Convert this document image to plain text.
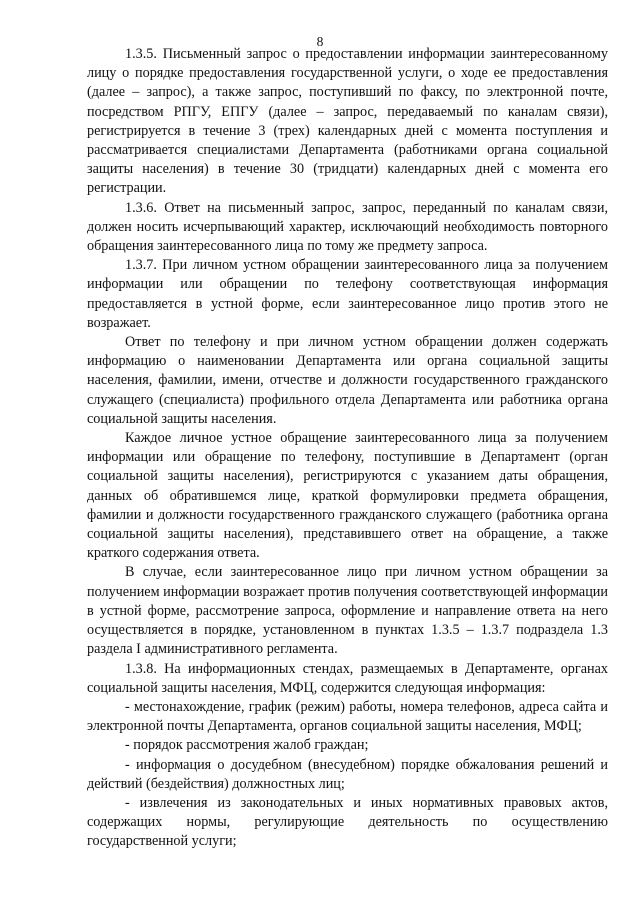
8

1.3.5. Письменный запрос о предоставлении информации заинтересованному лицу о порядке предоставления государственной услуги, о ходе ее предоставления (далее – запрос), а также запрос, поступивший по факсу, по электронной почте, посредством РПГУ, ЕПГУ (далее – запрос, передаваемый по каналам связи), регистрируется в течение 3 (трех) календарных дней с момента поступления и рассматривается специалистами Департамента (работниками органа социальной защиты населения) в течение 30 (тридцати) календарных дней с момента его регистрации.

1.3.6. Ответ на письменный запрос, запрос, переданный по каналам связи, должен носить исчерпывающий характер, исключающий необходимость повторного обращения заинтересованного лица по тому же предмету запроса.

1.3.7. При личном устном обращении заинтересованного лица за получением информации или обращении по телефону соответствующая информация предоставляется в устной форме, если заинтересованное лицо против этого не возражает.

Ответ по телефону и при личном устном обращении должен содержать информацию о наименовании Департамента или органа социальной защиты населения, фамилии, имени, отчестве и должности государственного гражданского служащего (специалиста) профильного отдела Департамента или работника органа социальной защиты населения.

Каждое личное устное обращение заинтересованного лица за получением информации или обращение по телефону, поступившие в Департамент (орган социальной защиты населения), регистрируются с указанием даты обращения, данных об обратившемся лице, краткой формулировки предмета обращения, фамилии и должности государственного гражданского служащего (работника органа социальной защиты населения), представившего ответ на обращение, а также краткого содержания ответа.

В случае, если заинтересованное лицо при личном устном обращении за получением информации возражает против получения соответствующей информации в устной форме, рассмотрение запроса, оформление и направление ответа на него осуществляется в порядке, установленном в пунктах 1.3.5 – 1.3.7 подраздела 1.3 раздела I административного регламента.

1.3.8. На информационных стендах, размещаемых в Департаменте, органах социальной защиты населения, МФЦ, содержится следующая информация:

- местонахождение, график (режим) работы, номера телефонов, адреса сайта и электронной почты Департамента, органов социальной защиты населения, МФЦ;

- порядок рассмотрения жалоб граждан;

- информация о досудебном (внесудебном) порядке обжалования решений и действий (бездействия) должностных лиц;

- извлечения из законодательных и иных нормативных правовых актов, содержащих нормы, регулирующие деятельность по осуществлению государственной услуги;
